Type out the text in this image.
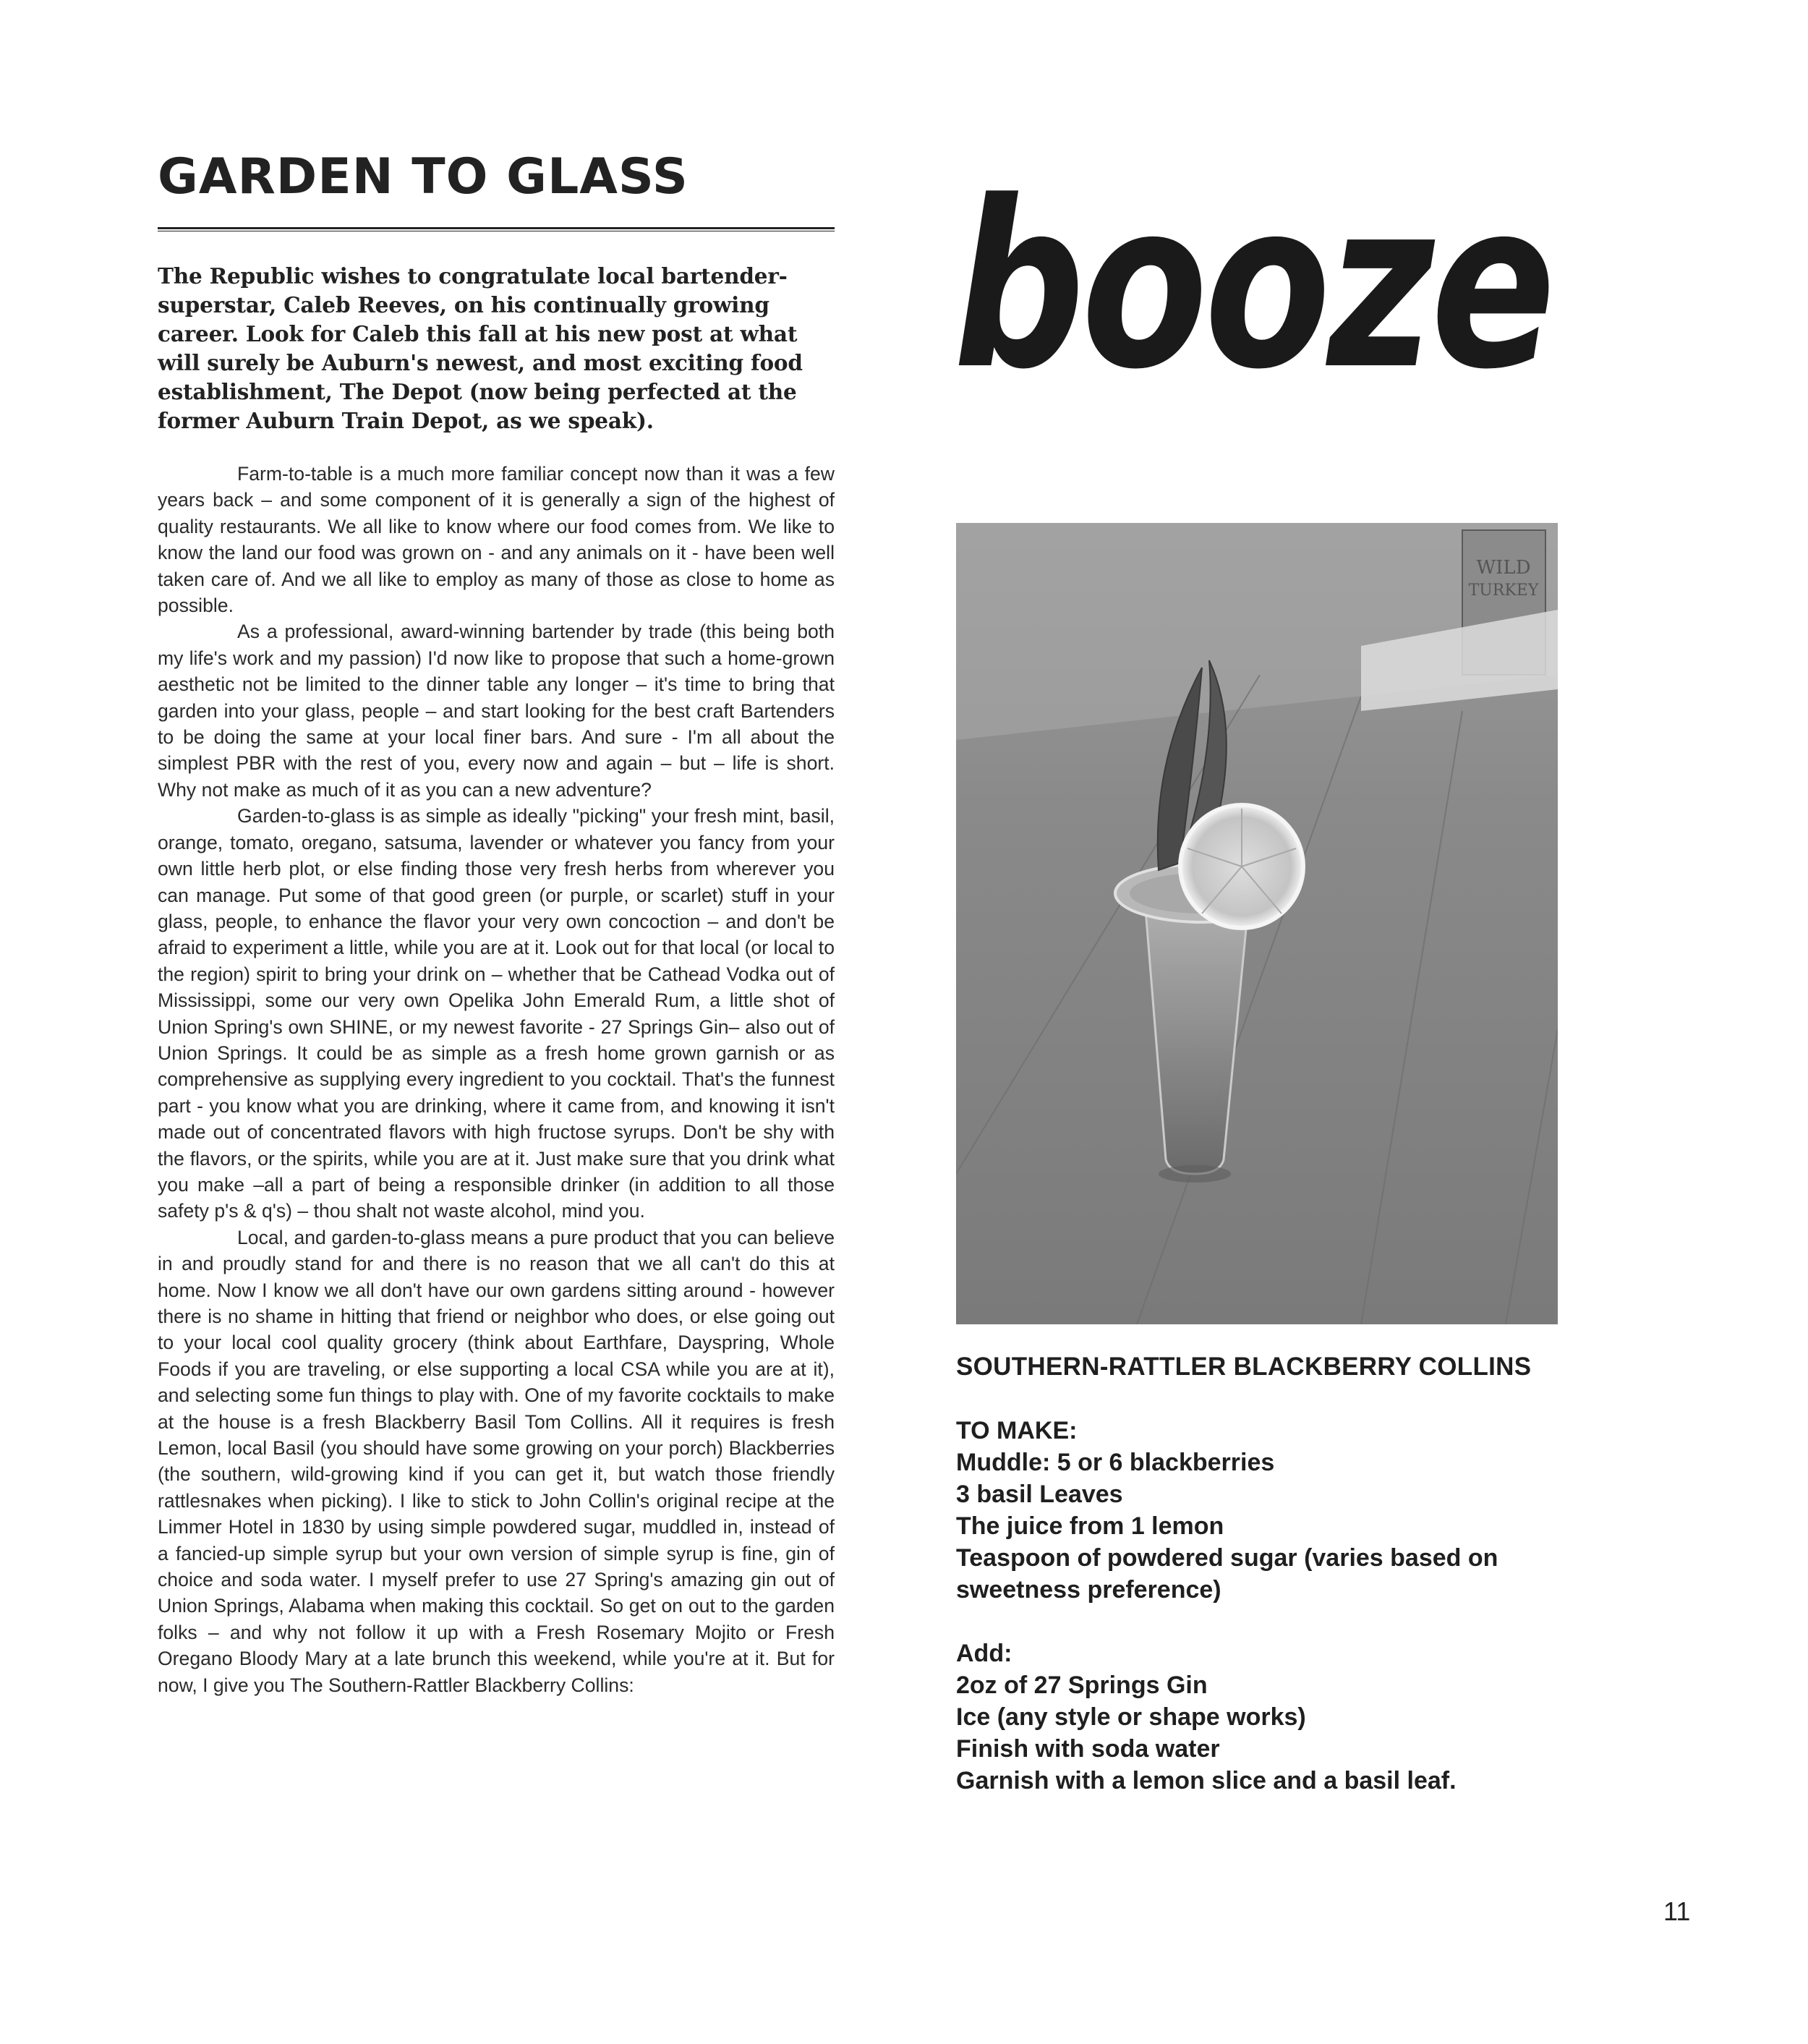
GARDEN TO GLASS

The Republic wishes to congratulate local bartender-superstar, Caleb Reeves, on his continually growing career. Look for Caleb this fall at his new post at what will surely be Auburn's newest, and most exciting food establishment, The Depot (now being perfected at the former Auburn Train Depot, as we speak).

Farm-to-table is a much more familiar concept now than it was a few years back – and some component of it is generally a sign of the highest of quality restaurants. We all like to know where our food comes from. We like to know the land our food was grown on - and any animals on it - have been well taken care of. And we all like to employ as many of those as close to home as possible.

As a professional, award-winning bartender by trade (this being both my life's work and my passion) I'd now like to propose that such a home-grown aesthetic not be limited to the dinner table any longer – it's time to bring that garden into your glass, people – and start looking for the best craft Bartenders to be doing the same at your local finer bars. And sure - I'm all about the simplest PBR with the rest of you, every now and again – but – life is short. Why not make as much of it as you can a new adventure?

Garden-to-glass is as simple as ideally "picking" your fresh mint, basil, orange, tomato, oregano, satsuma, lavender or whatever you fancy from your own little herb plot, or else finding those very fresh herbs from wherever you can manage. Put some of that good green (or purple, or scarlet) stuff in your glass, people, to enhance the flavor your very own concoction – and don't be afraid to experiment a little, while you are at it. Look out for that local (or local to the region) spirit to bring your drink on – whether that be Cathead Vodka out of Mississippi, some our very own Opelika John Emerald Rum, a little shot of Union Spring's own SHINE, or my newest favorite - 27 Springs Gin– also out of Union Springs. It could be as simple as a fresh home grown garnish or as comprehensive as supplying every ingredient to you cocktail. That's the funnest part - you know what you are drinking, where it came from, and knowing it isn't made out of concentrated flavors with high fructose syrups. Don't be shy with the flavors, or the spirits, while you are at it. Just make sure that you drink what you make –all a part of being a responsible drinker (in addition to all those safety p's & q's) – thou shalt not waste alcohol, mind you.

Local, and garden-to-glass means a pure product that you can believe in and proudly stand for and there is no reason that we all can't do this at home. Now I know we all don't have our own gardens sitting around - however there is no shame in hitting that friend or neighbor who does, or else going out to your local cool quality grocery (think about Earthfare, Dayspring, Whole Foods if you are traveling, or else supporting a local CSA while you are at it), and selecting some fun things to play with. One of my favorite cocktails to make at the house is a fresh Blackberry Basil Tom Collins. All it requires is fresh Lemon, local Basil (you should have some growing on your porch) Blackberries (the southern, wild-growing kind if you can get it, but watch those friendly rattlesnakes when picking). I like to stick to John Collin's original recipe at the Limmer Hotel in 1830 by using simple powdered sugar, muddled in, instead of a fancied-up simple syrup but your own version of simple syrup is fine, gin of choice and soda water. I myself prefer to use 27 Spring's amazing gin out of Union Springs, Alabama when making this cocktail. So get on out to the garden folks – and why not follow it up with a Fresh Rosemary Mojito or Fresh Oregano Bloody Mary at a late brunch this weekend, while you're at it. But for now, I give you The Southern-Rattler Blackberry Collins:

booze
WILD
TURKEY

SOUTHERN-RATTLER BLACKBERRY COLLINS

TO MAKE:
Muddle: 5 or 6 blackberries
3 basil Leaves
The juice from 1 lemon
Teaspoon of powdered sugar (varies based on sweetness preference)
Add:
2oz of 27 Springs Gin
Ice (any style or shape works)
Finish with soda water
Garnish with a lemon slice and a basil leaf.
11
